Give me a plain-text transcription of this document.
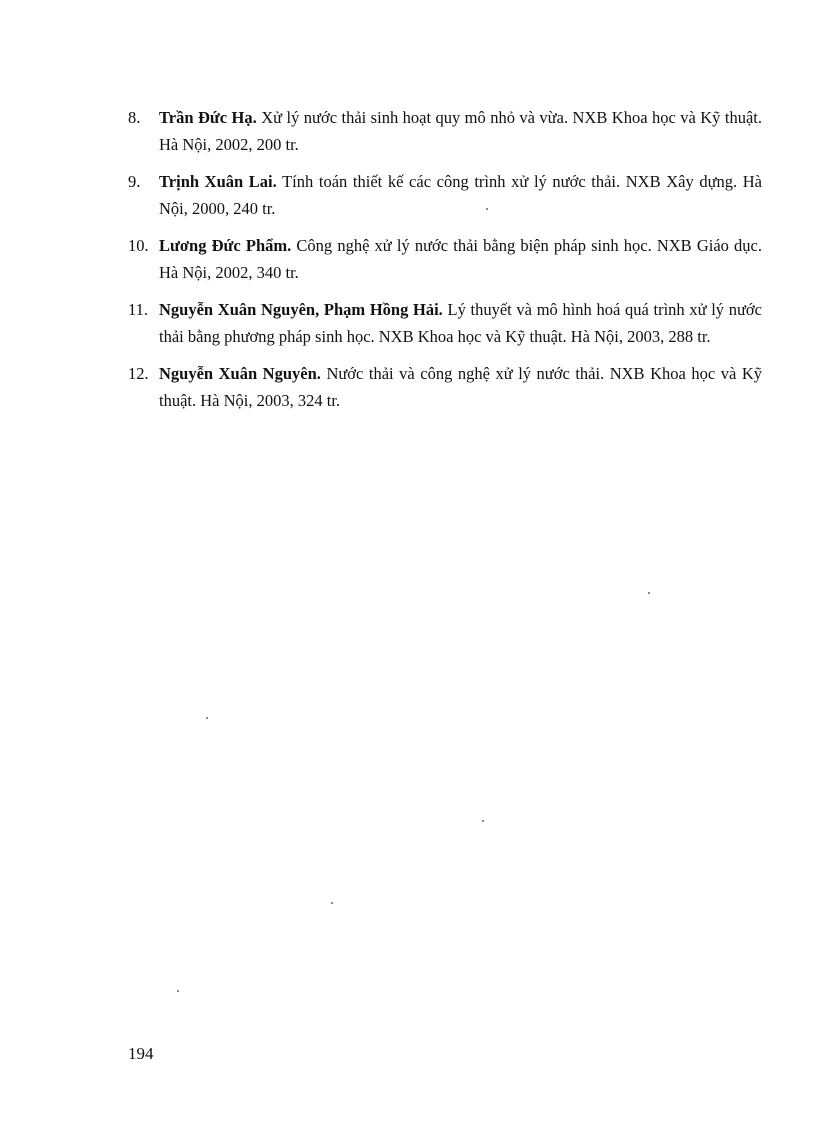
8. Trần Đức Hạ. Xử lý nước thải sinh hoạt quy mô nhỏ và vừa. NXB Khoa học và Kỹ thuật. Hà Nội, 2002, 200 tr.
9. Trịnh Xuân Lai. Tính toán thiết kế các công trình xử lý nước thải. NXB Xây dựng. Hà Nội, 2000, 240 tr.
10. Lương Đức Phẩm. Công nghệ xử lý nước thải bằng biện pháp sinh học. NXB Giáo dục. Hà Nội, 2002, 340 tr.
11. Nguyễn Xuân Nguyên, Phạm Hồng Hải. Lý thuyết và mô hình hoá quá trình xử lý nước thải bằng phương pháp sinh học. NXB Khoa học và Kỹ thuật. Hà Nội, 2003, 288 tr.
12. Nguyễn Xuân Nguyên. Nước thải và công nghệ xử lý nước thải. NXB Khoa học và Kỹ thuật. Hà Nội, 2003, 324 tr.
194
